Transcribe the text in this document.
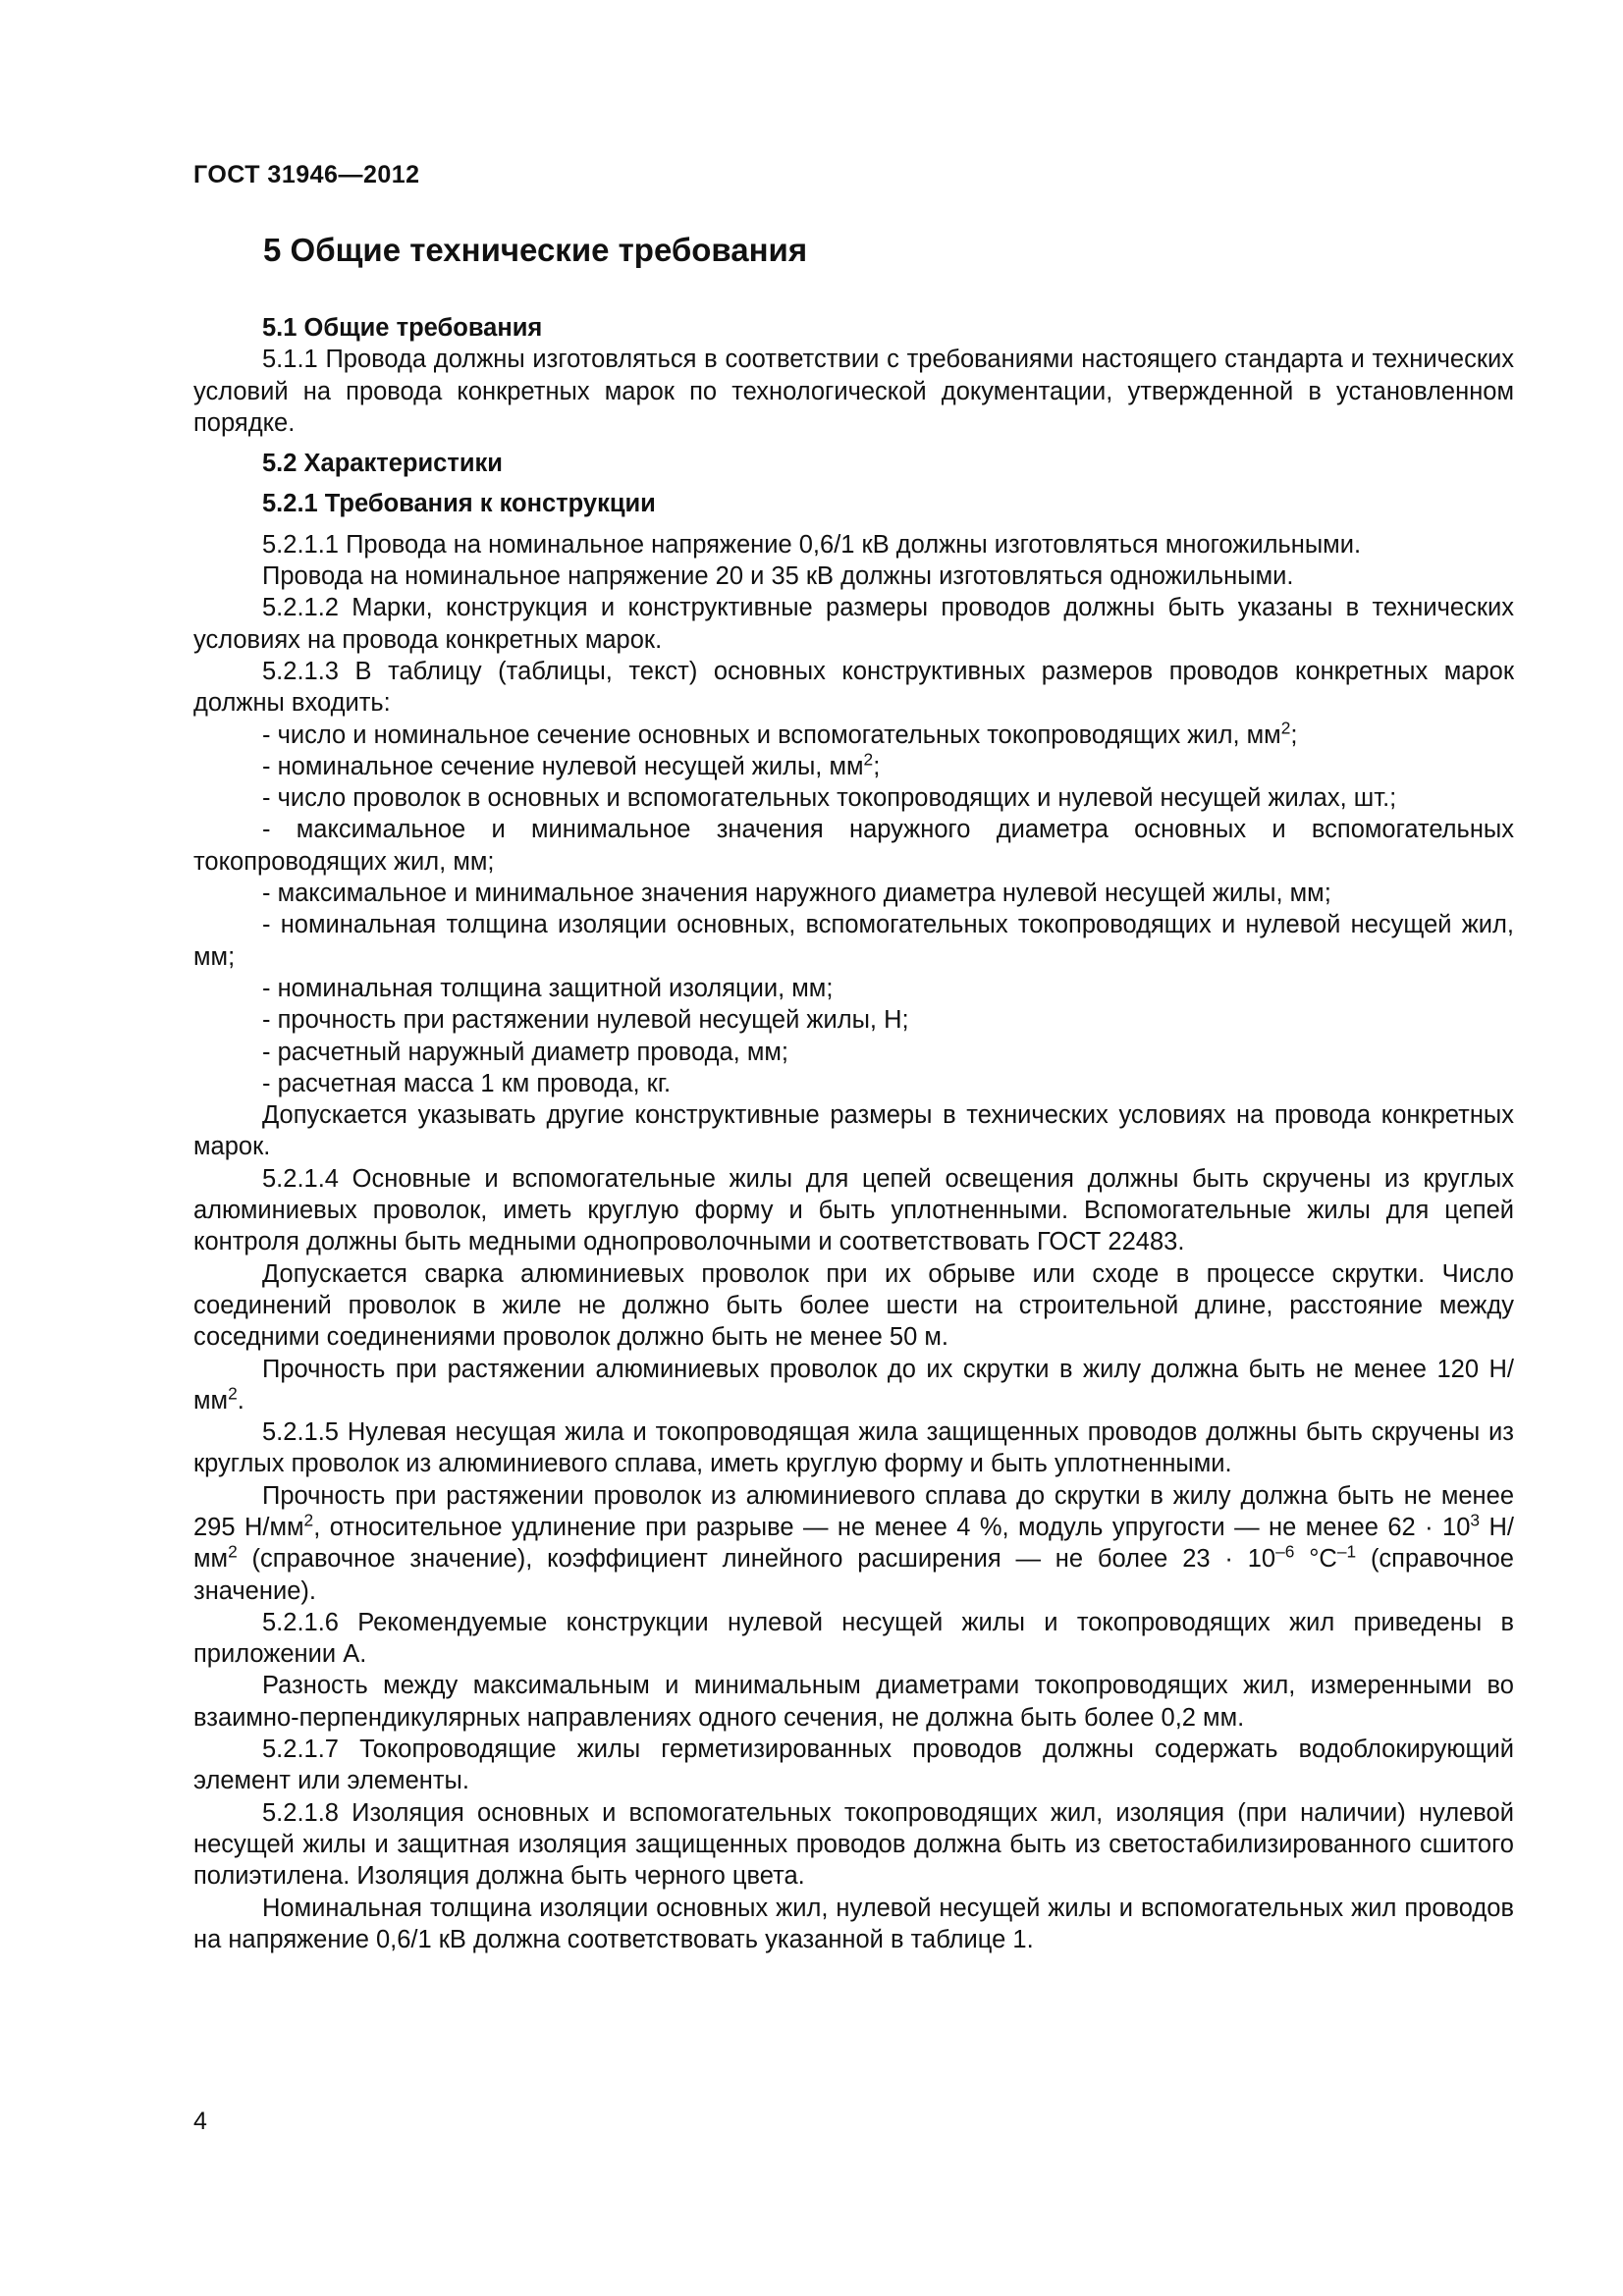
ГОСТ 31946—2012
5 Общие технические требования

5.1 Общие требования

5.1.1 Провода должны изготовляться в соответствии с требованиями настоящего стандарта и технических условий на провода конкретных марок по технологической документации, утвержденной в установленном порядке.

5.2 Характеристики

5.2.1 Требования к конструкции

5.2.1.1 Провода на номинальное напряжение 0,6/1 кВ должны изготовляться многожильными.

Провода на номинальное напряжение 20 и 35 кВ должны изготовляться одножильными.

5.2.1.2 Марки, конструкция и конструктивные размеры проводов должны быть указаны в технических условиях на провода конкретных марок.

5.2.1.3 В таблицу (таблицы, текст) основных конструктивных размеров проводов конкретных марок должны входить:

- число и номинальное сечение основных и вспомогательных токопроводящих жил, $мм^2$;

- номинальное сечение нулевой несущей жилы, $мм^2$;

- число проволок в основных и вспомогательных токопроводящих и нулевой несущей жилах, шт.;

- максимальное и минимальное значения наружного диаметра основных и вспомогательных токопроводящих жил, мм;

- максимальное и минимальное значения наружного диаметра нулевой несущей жилы, мм;

- номинальная толщина изоляции основных, вспомогательных токопроводящих и нулевой несущей жил, мм;

- номинальная толщина защитной изоляции, мм;

- прочность при растяжении нулевой несущей жилы, Н;

- расчетный наружный диаметр провода, мм;

- расчетная масса 1 км провода, кг.

Допускается указывать другие конструктивные размеры в технических условиях на провода конкретных марок.

5.2.1.4 Основные и вспомогательные жилы для цепей освещения должны быть скручены из круглых алюминиевых проволок, иметь круглую форму и быть уплотненными. Вспомогательные жилы для цепей контроля должны быть медными однопроволочными и соответствовать ГОСТ 22483.

Допускается сварка алюминиевых проволок при их обрыве или сходе в процессе скрутки. Число соединений проволок в жиле не должно быть более шести на строительной длине, расстояние между соседними соединениями проволок должно быть не менее 50 м.

Прочность при растяжении алюминиевых проволок до их скрутки в жилу должна быть не менее 120 $Н/мм^2$.

5.2.1.5 Нулевая несущая жила и токопроводящая жила защищенных проводов должны быть скручены из круглых проволок из алюминиевого сплава, иметь круглую форму и быть уплотненными.

Прочность при растяжении проволок из алюминиевого сплава до скрутки в жилу должна быть не менее 295 $Н/мм^2$, относительное удлинение при разрыве — не менее 4 %, модуль упругости — не менее $62 \cdot 10^3$ $Н/мм^2$ (справочное значение), коэффициент линейного расширения — не более $23 \cdot 10^{-6}$ $^\circ С^{-1}$ (справочное значение).

5.2.1.6 Рекомендуемые конструкции нулевой несущей жилы и токопроводящих жил приведены в приложении А.

Разность между максимальным и минимальным диаметрами токопроводящих жил, измеренными во взаимно-перпендикулярных направлениях одного сечения, не должна быть более 0,2 мм.

5.2.1.7 Токопроводящие жилы герметизированных проводов должны содержать водоблокирующий элемент или элементы.

5.2.1.8 Изоляция основных и вспомогательных токопроводящих жил, изоляция (при наличии) нулевой несущей жилы и защитная изоляция защищенных проводов должна быть из светостабилизированного сшитого полиэтилена. Изоляция должна быть черного цвета.

Номинальная толщина изоляции основных жил, нулевой несущей жилы и вспомогательных жил проводов на напряжение 0,6/1 кВ должна соответствовать указанной в таблице 1.

4
